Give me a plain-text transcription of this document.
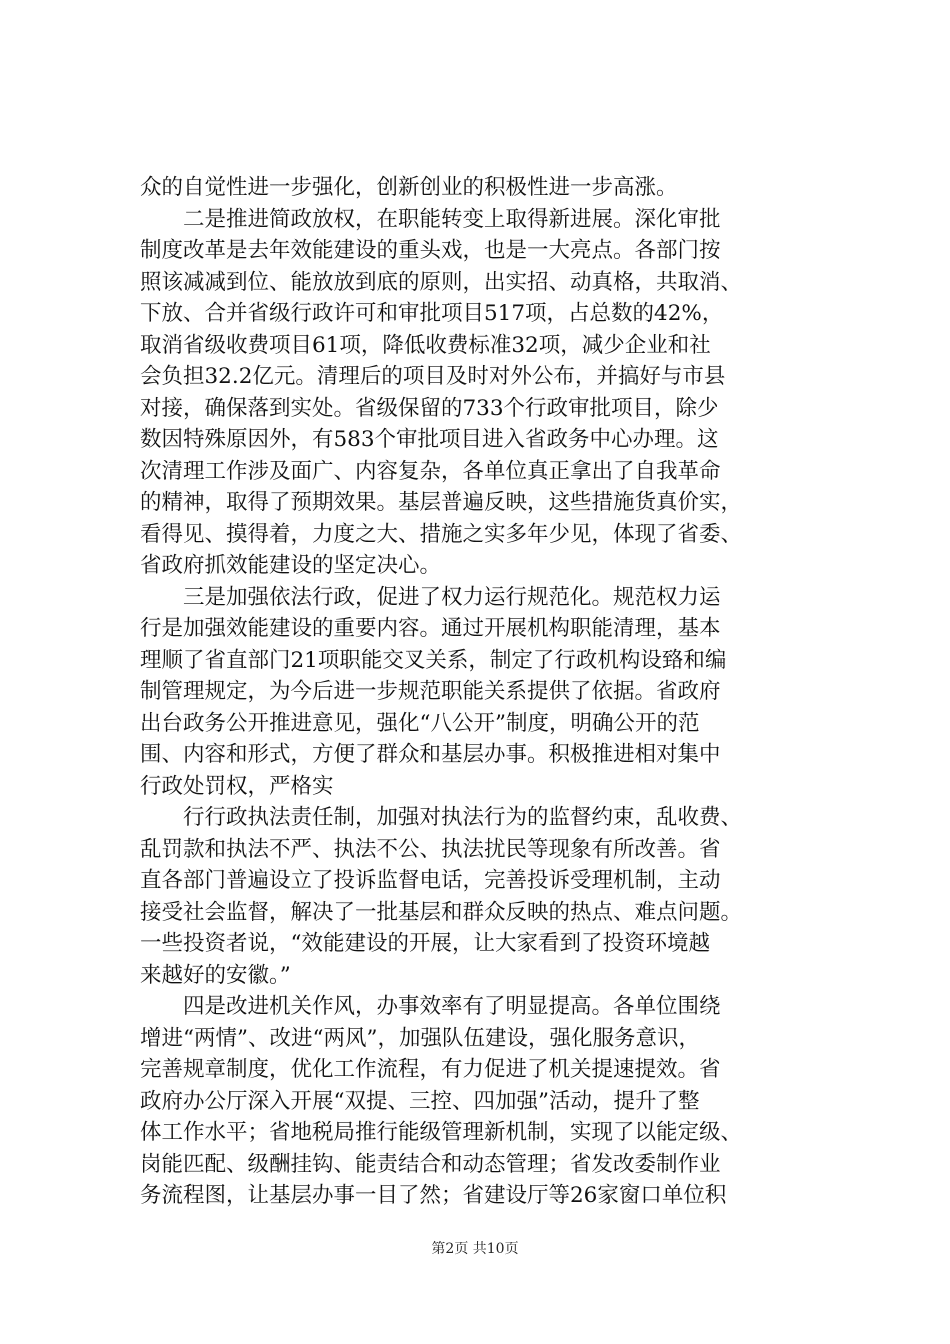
众的自觉性进一步强化，创新创业的积极性进一步高涨。
　　二是推进简政放权，在职能转变上取得新进展。深化审批
制度改革是去年效能建设的重头戏，也是一大亮点。各部门按
照该减减到位、能放放到底的原则，出实招、动真格，共取消、
下放、合并省级行政许可和审批项目517项，占总数的42%，
取消省级收费项目61项，降低收费标准32项，减少企业和社
会负担32.2亿元。清理后的项目及时对外公布，并搞好与市县
对接，确保落到实处。省级保留的733个行政审批项目，除少
数因特殊原因外，有583个审批项目进入省政务中心办理。这
次清理工作涉及面广、内容复杂，各单位真正拿出了自我革命
的精神，取得了预期效果。基层普遍反映，这些措施货真价实，
看得见、摸得着，力度之大、措施之实多年少见，体现了省委、
省政府抓效能建设的坚定决心。
　　三是加强依法行政，促进了权力运行规范化。规范权力运
行是加强效能建设的重要内容。通过开展机构职能清理，基本
理顺了省直部门21项职能交叉关系，制定了行政机构设臵和编
制管理规定，为今后进一步规范职能关系提供了依据。省政府
出台政务公开推进意见，强化“八公开”制度，明确公开的范
围、内容和形式，方便了群众和基层办事。积极推进相对集中
行政处罚权，严格实
　　行行政执法责任制，加强对执法行为的监督约束，乱收费、
乱罚款和执法不严、执法不公、执法扰民等现象有所改善。省
直各部门普遍设立了投诉监督电话，完善投诉受理机制，主动
接受社会监督，解决了一批基层和群众反映的热点、难点问题。
一些投资者说，“效能建设的开展，让大家看到了投资环境越
来越好的安徽。”
　　四是改进机关作风，办事效率有了明显提高。各单位围绕
增进“两情”、改进“两风”，加强队伍建设，强化服务意识，
完善规章制度，优化工作流程，有力促进了机关提速提效。省
政府办公厅深入开展“双提、三控、四加强”活动，提升了整
体工作水平；省地税局推行能级管理新机制，实现了以能定级、
岗能匹配、级酬挂钩、能责结合和动态管理；省发改委制作业
务流程图，让基层办事一目了然；省建设厅等26家窗口单位积
第2页 共10页
